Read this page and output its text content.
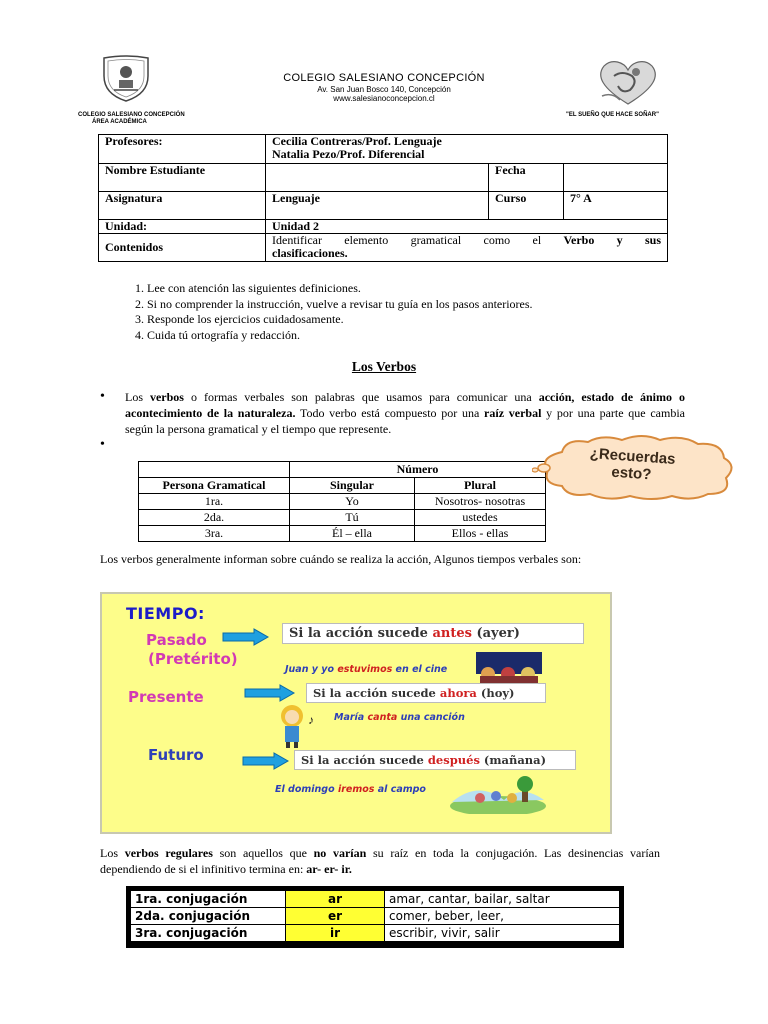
COLEGIO SALESIANO CONCEPCIÓN
ÁREA ACADÉMICA
COLEGIO SALESIANO CONCEPCIÓN
Av. San Juan Bosco 140, Concepción
www.salesianoconcepcion.cl
"EL SUEÑO QUE HACE SOÑAR"
Profesores:	Cecilia Contreras/Prof. Lenguaje
Natalia Pezo/Prof. Diferencial		

Nombre Estudiante		Fecha	
Asignatura	Lenguaje	Curso	7° A
Unidad:	Unidad 2		
Contenidos	Identificar elemento gramatical como el Verbo y sus
clasificaciones.		
1. Lee con atención las siguientes definiciones.
2. Si no comprender la instrucción, vuelve a revisar tu guía en los pasos anteriores.
3. Responde los ejercicios cuidadosamente.
4. Cuida tú ortografía y redacción.
Los Verbos
• Los verbos o formas verbales son palabras que usamos para comunicar una acción, estado de ánimo o acontecimiento de la naturaleza. Todo verbo está compuesto por una raíz verbal y por una parte que cambia según la persona gramatical y el tiempo que represente.
•
	Número	
Persona Gramatical	Singular	Plural
1ra.	Yo	Nosotros- nosotras
2da.	Tú	ustedes
3ra.	Él – ella	Ellos - ellas
¿Recuerdas
esto?
Los verbos generalmente informan sobre cuándo se realiza la acción, Algunos tiempos verbales son:
TIEMPO:
Pasado
(Pretérito)
Si la acción sucede antes (ayer)
Juan y yo estuvimos en el cine
Presente	Si la acción sucede ahora (hoy)
♪ María canta una canción
Futuro	Si la acción sucede después (mañana)
El domingo iremos al campo
Los verbos regulares son aquellos que no varían su raíz en toda la conjugación. Las desinencias varían dependiendo de si el infinitivo termina en: ar- er- ir.
1ra. conjugación	ar	amar, cantar, bailar, saltar
2da. conjugación	er	comer, beber, leer,
3ra. conjugación	ir	escribir, vivir, salir
